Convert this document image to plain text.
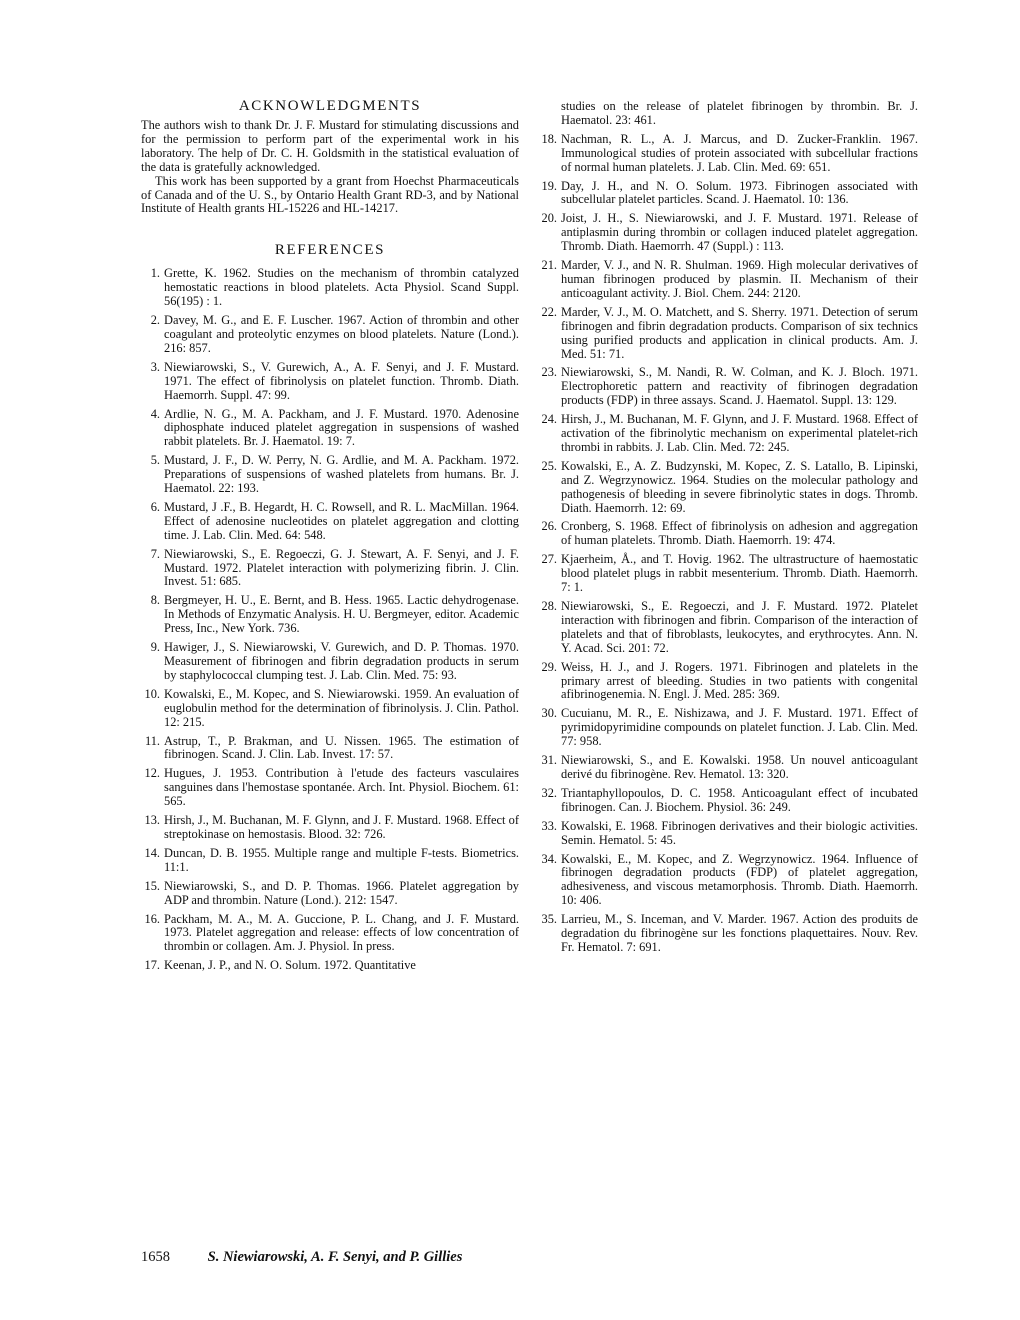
ACKNOWLEDGMENTS

The authors wish to thank Dr. J. F. Mustard for stimulating discussions and for the permission to perform part of the experimental work in his laboratory. The help of Dr. C. H. Goldsmith in the statistical evaluation of the data is gratefully acknowledged.

This work has been supported by a grant from Hoechst Pharmaceuticals of Canada and of the U. S., by Ontario Health Grant RD-3, and by National Institute of Health grants HL-15226 and HL-14217.

REFERENCES
1. Grette, K. 1962. Studies on the mechanism of thrombin catalyzed hemostatic reactions in blood platelets. Acta Physiol. Scand Suppl. 56(195) : 1.
2. Davey, M. G., and E. F. Luscher. 1967. Action of thrombin and other coagulant and proteolytic enzymes on blood platelets. Nature (Lond.). 216: 857.
3. Niewiarowski, S., V. Gurewich, A., A. F. Senyi, and J. F. Mustard. 1971. The effect of fibrinolysis on platelet function. Thromb. Diath. Haemorrh. Suppl. 47: 99.
4. Ardlie, N. G., M. A. Packham, and J. F. Mustard. 1970. Adenosine diphosphate induced platelet aggregation in suspensions of washed rabbit platelets. Br. J. Haematol. 19: 7.
5. Mustard, J. F., D. W. Perry, N. G. Ardlie, and M. A. Packham. 1972. Preparations of suspensions of washed platelets from humans. Br. J. Haematol. 22: 193.
6. Mustard, J .F., B. Hegardt, H. C. Rowsell, and R. L. MacMillan. 1964. Effect of adenosine nucleotides on platelet aggregation and clotting time. J. Lab. Clin. Med. 64: 548.
7. Niewiarowski, S., E. Regoeczi, G. J. Stewart, A. F. Senyi, and J. F. Mustard. 1972. Platelet interaction with polymerizing fibrin. J. Clin. Invest. 51: 685.
8. Bergmeyer, H. U., E. Bernt, and B. Hess. 1965. Lactic dehydrogenase. In Methods of Enzymatic Analysis. H. U. Bergmeyer, editor. Academic Press, Inc., New York. 736.
9. Hawiger, J., S. Niewiarowski, V. Gurewich, and D. P. Thomas. 1970. Measurement of fibrinogen and fibrin degradation products in serum by staphylococcal clumping test. J. Lab. Clin. Med. 75: 93.
10. Kowalski, E., M. Kopec, and S. Niewiarowski. 1959. An evaluation of euglobulin method for the determination of fibrinolysis. J. Clin. Pathol. 12: 215.
11. Astrup, T., P. Brakman, and U. Nissen. 1965. The estimation of fibrinogen. Scand. J. Clin. Lab. Invest. 17: 57.
12. Hugues, J. 1953. Contribution à l'etude des facteurs vasculaires sanguines dans l'hemostase spontanée. Arch. Int. Physiol. Biochem. 61: 565.
13. Hirsh, J., M. Buchanan, M. F. Glynn, and J. F. Mustard. 1968. Effect of streptokinase on hemostasis. Blood. 32: 726.
14. Duncan, D. B. 1955. Multiple range and multiple F-tests. Biometrics. 11:1.
15. Niewiarowski, S., and D. P. Thomas. 1966. Platelet aggregation by ADP and thrombin. Nature (Lond.). 212: 1547.
16. Packham, M. A., M. A. Guccione, P. L. Chang, and J. F. Mustard. 1973. Platelet aggregation and release: effects of low concentration of thrombin or collagen. Am. J. Physiol. In press.
17. Keenan, J. P., and N. O. Solum. 1972. Quantitative
studies on the release of platelet fibrinogen by thrombin. Br. J. Haematol. 23: 461.
18. Nachman, R. L., A. J. Marcus, and D. Zucker-Franklin. 1967. Immunological studies of protein associated with subcellular fractions of normal human platelets. J. Lab. Clin. Med. 69: 651.
19. Day, J. H., and N. O. Solum. 1973. Fibrinogen associated with subcellular platelet particles. Scand. J. Haematol. 10: 136.
20. Joist, J. H., S. Niewiarowski, and J. F. Mustard. 1971. Release of antiplasmin during thrombin or collagen induced platelet aggregation. Thromb. Diath. Haemorrh. 47 (Suppl.) : 113.
21. Marder, V. J., and N. R. Shulman. 1969. High molecular derivatives of human fibrinogen produced by plasmin. II. Mechanism of their anticoagulant activity. J. Biol. Chem. 244: 2120.
22. Marder, V. J., M. O. Matchett, and S. Sherry. 1971. Detection of serum fibrinogen and fibrin degradation products. Comparison of six technics using purified products and application in clinical products. Am. J. Med. 51: 71.
23. Niewiarowski, S., M. Nandi, R. W. Colman, and K. J. Bloch. 1971. Electrophoretic pattern and reactivity of fibrinogen degradation products (FDP) in three assays. Scand. J. Haematol. Suppl. 13: 129.
24. Hirsh, J., M. Buchanan, M. F. Glynn, and J. F. Mustard. 1968. Effect of activation of the fibrinolytic mechanism on experimental platelet-rich thrombi in rabbits. J. Lab. Clin. Med. 72: 245.
25. Kowalski, E., A. Z. Budzynski, M. Kopec, Z. S. Latallo, B. Lipinski, and Z. Wegrzynowicz. 1964. Studies on the molecular pathology and pathogenesis of bleeding in severe fibrinolytic states in dogs. Thromb. Diath. Haemorrh. 12: 69.
26. Cronberg, S. 1968. Effect of fibrinolysis on adhesion and aggregation of human platelets. Thromb. Diath. Haemorrh. 19: 474.
27. Kjaerheim, Å., and T. Hovig. 1962. The ultrastructure of haemostatic blood platelet plugs in rabbit mesenterium. Thromb. Diath. Haemorrh. 7: 1.
28. Niewiarowski, S., E. Regoeczi, and J. F. Mustard. 1972. Platelet interaction with fibrinogen and fibrin. Comparison of the interaction of platelets and that of fibroblasts, leukocytes, and erythrocytes. Ann. N. Y. Acad. Sci. 201: 72.
29. Weiss, H. J., and J. Rogers. 1971. Fibrinogen and platelets in the primary arrest of bleeding. Studies in two patients with congenital afibrinogenemia. N. Engl. J. Med. 285: 369.
30. Cucuianu, M. R., E. Nishizawa, and J. F. Mustard. 1971. Effect of pyrimidopyrimidine compounds on platelet function. J. Lab. Clin. Med. 77: 958.
31. Niewiarowski, S., and E. Kowalski. 1958. Un nouvel anticoagulant derivé du fibrinogène. Rev. Hematol. 13: 320.
32. Triantaphyllopoulos, D. C. 1958. Anticoagulant effect of incubated fibrinogen. Can. J. Biochem. Physiol. 36: 249.
33. Kowalski, E. 1968. Fibrinogen derivatives and their biologic activities. Semin. Hematol. 5: 45.
34. Kowalski, E., M. Kopec, and Z. Wegrzynowicz. 1964. Influence of fibrinogen degradation products (FDP) of platelet aggregation, adhesiveness, and viscous metamorphosis. Thromb. Diath. Haemorrh. 10: 406.
35. Larrieu, M., S. Inceman, and V. Marder. 1967. Action des produits de degradation du fibrinogène sur les fonctions plaquettaires. Nouv. Rev. Fr. Hematol. 7: 691.
1658	S. Niewiarowski, A. F. Senyi, and P. Gillies
